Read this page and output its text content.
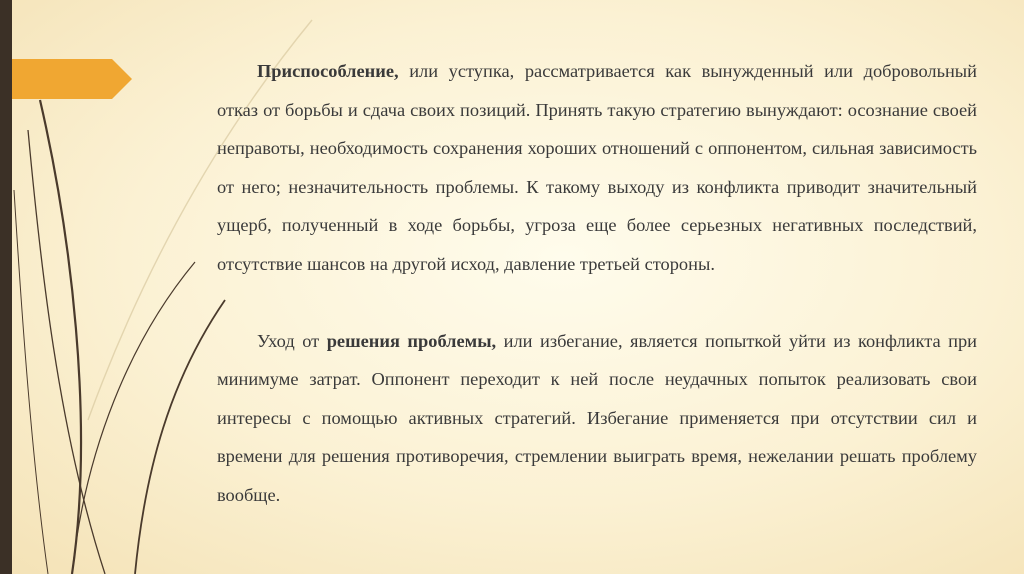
Приспособление, или уступка, рассматривается как вынужденный или добровольный отказ от борьбы и сдача своих позиций. Принять такую стратегию вынуждают: осознание своей неправоты, необходимость сохранения хороших отношений с оппонентом, сильная зависимость от него; незначительность проблемы. К такому выходу из конфликта приводит значительный ущерб, полученный в ходе борьбы, угроза еще более серьезных негативных последствий, отсутствие шансов на другой исход, давление третьей стороны.

Уход от решения проблемы, или избегание, является попыткой уйти из конфликта при минимуме затрат. Оппонент переходит к ней после неудачных попыток реализовать свои интересы с помощью активных стратегий. Избегание применяется при отсутствии сил и времени для решения противоречия, стремлении выиграть время, нежелании решать проблему вообще.
